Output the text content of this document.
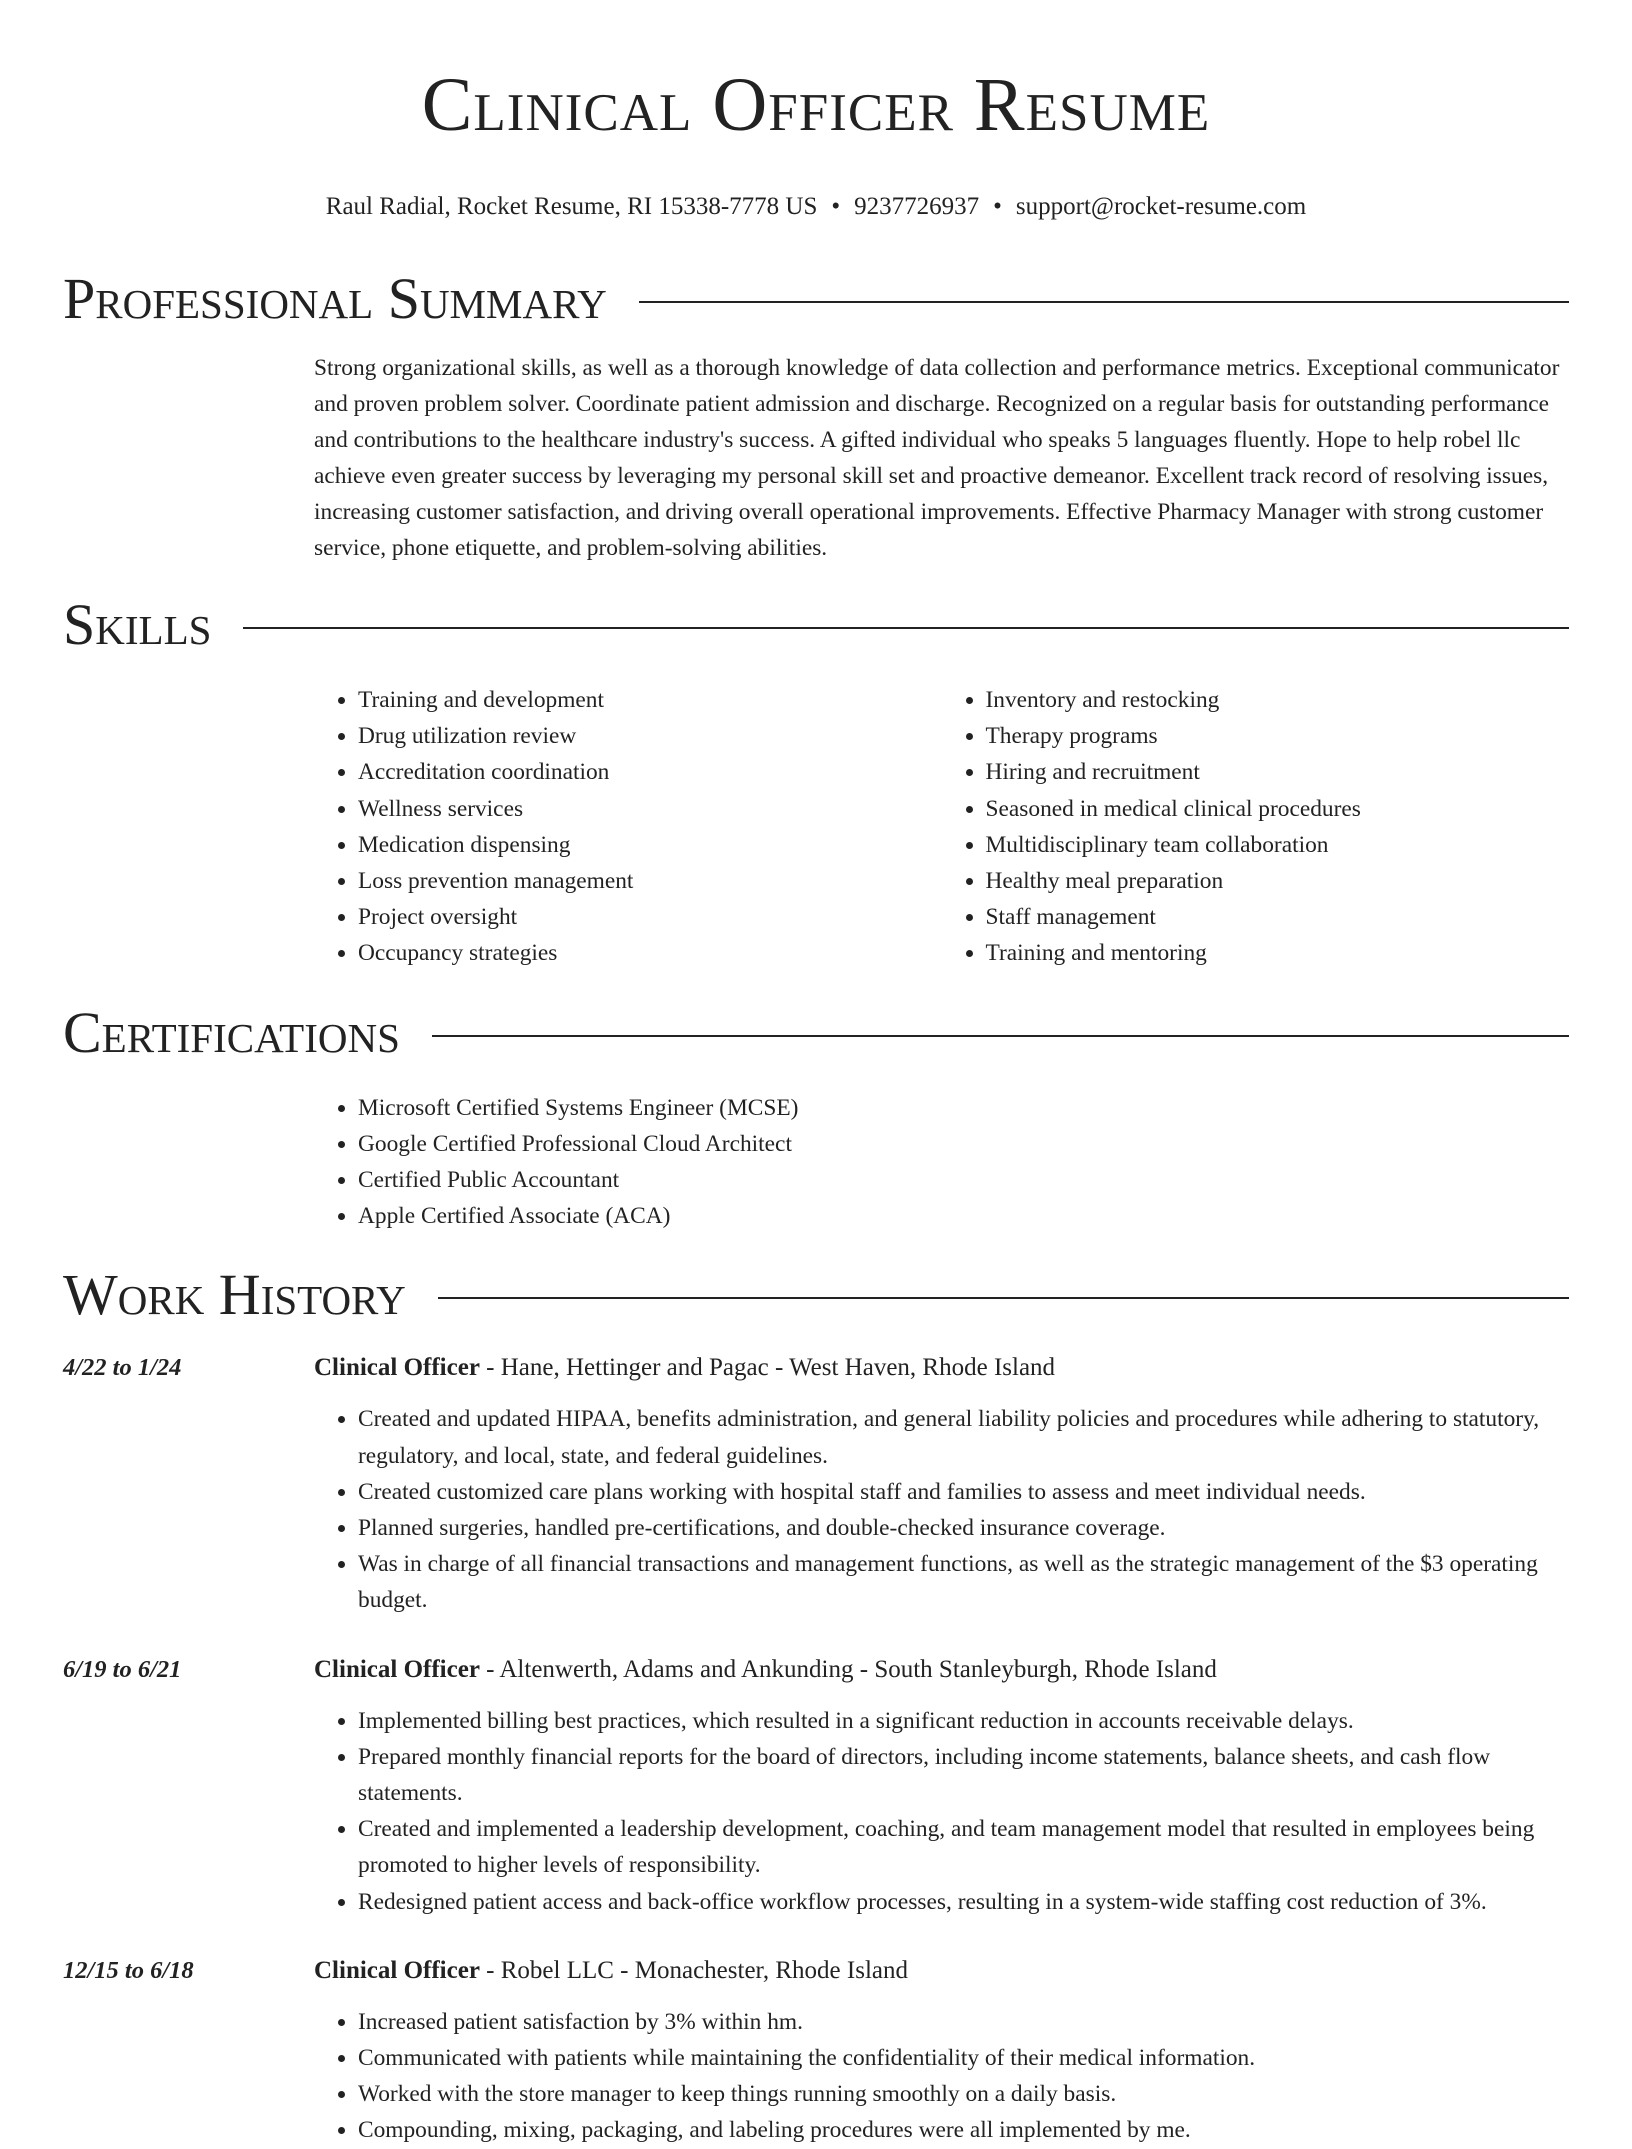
Clinical Officer Resume
Raul Radial, Rocket Resume, RI 15338-7778 US • 9237726937 • support@rocket-resume.com
Professional Summary
Strong organizational skills, as well as a thorough knowledge of data collection and performance metrics. Exceptional communicator and proven problem solver. Coordinate patient admission and discharge. Recognized on a regular basis for outstanding performance and contributions to the healthcare industry's success. A gifted individual who speaks 5 languages fluently. Hope to help robel llc achieve even greater success by leveraging my personal skill set and proactive demeanor. Excellent track record of resolving issues, increasing customer satisfaction, and driving overall operational improvements. Effective Pharmacy Manager with strong customer service, phone etiquette, and problem-solving abilities.
Skills
• Training and development
• Drug utilization review
• Accreditation coordination
• Wellness services
• Medication dispensing
• Loss prevention management
• Project oversight
• Occupancy strategies
• Inventory and restocking
• Therapy programs
• Hiring and recruitment
• Seasoned in medical clinical procedures
• Multidisciplinary team collaboration
• Healthy meal preparation
• Staff management
• Training and mentoring
Certifications
• Microsoft Certified Systems Engineer (MCSE)
• Google Certified Professional Cloud Architect
• Certified Public Accountant
• Apple Certified Associate (ACA)
Work History
4/22 to 1/24	Clinical Officer - Hane, Hettinger and Pagac - West Haven, Rhode Island
• Created and updated HIPAA, benefits administration, and general liability policies and procedures while adhering to statutory, regulatory, and local, state, and federal guidelines.
• Created customized care plans working with hospital staff and families to assess and meet individual needs.
• Planned surgeries, handled pre-certifications, and double-checked insurance coverage.
• Was in charge of all financial transactions and management functions, as well as the strategic management of the $3 operating budget.
6/19 to 6/21	Clinical Officer - Altenwerth, Adams and Ankunding - South Stanleyburgh, Rhode Island
• Implemented billing best practices, which resulted in a significant reduction in accounts receivable delays.
• Prepared monthly financial reports for the board of directors, including income statements, balance sheets, and cash flow statements.
• Created and implemented a leadership development, coaching, and team management model that resulted in employees being promoted to higher levels of responsibility.
• Redesigned patient access and back-office workflow processes, resulting in a system-wide staffing cost reduction of 3%.
12/15 to 6/18	Clinical Officer - Robel LLC - Monachester, Rhode Island
• Increased patient satisfaction by 3% within hm.
• Communicated with patients while maintaining the confidentiality of their medical information.
• Worked with the store manager to keep things running smoothly on a daily basis.
• Compounding, mixing, packaging, and labeling procedures were all implemented by me.
